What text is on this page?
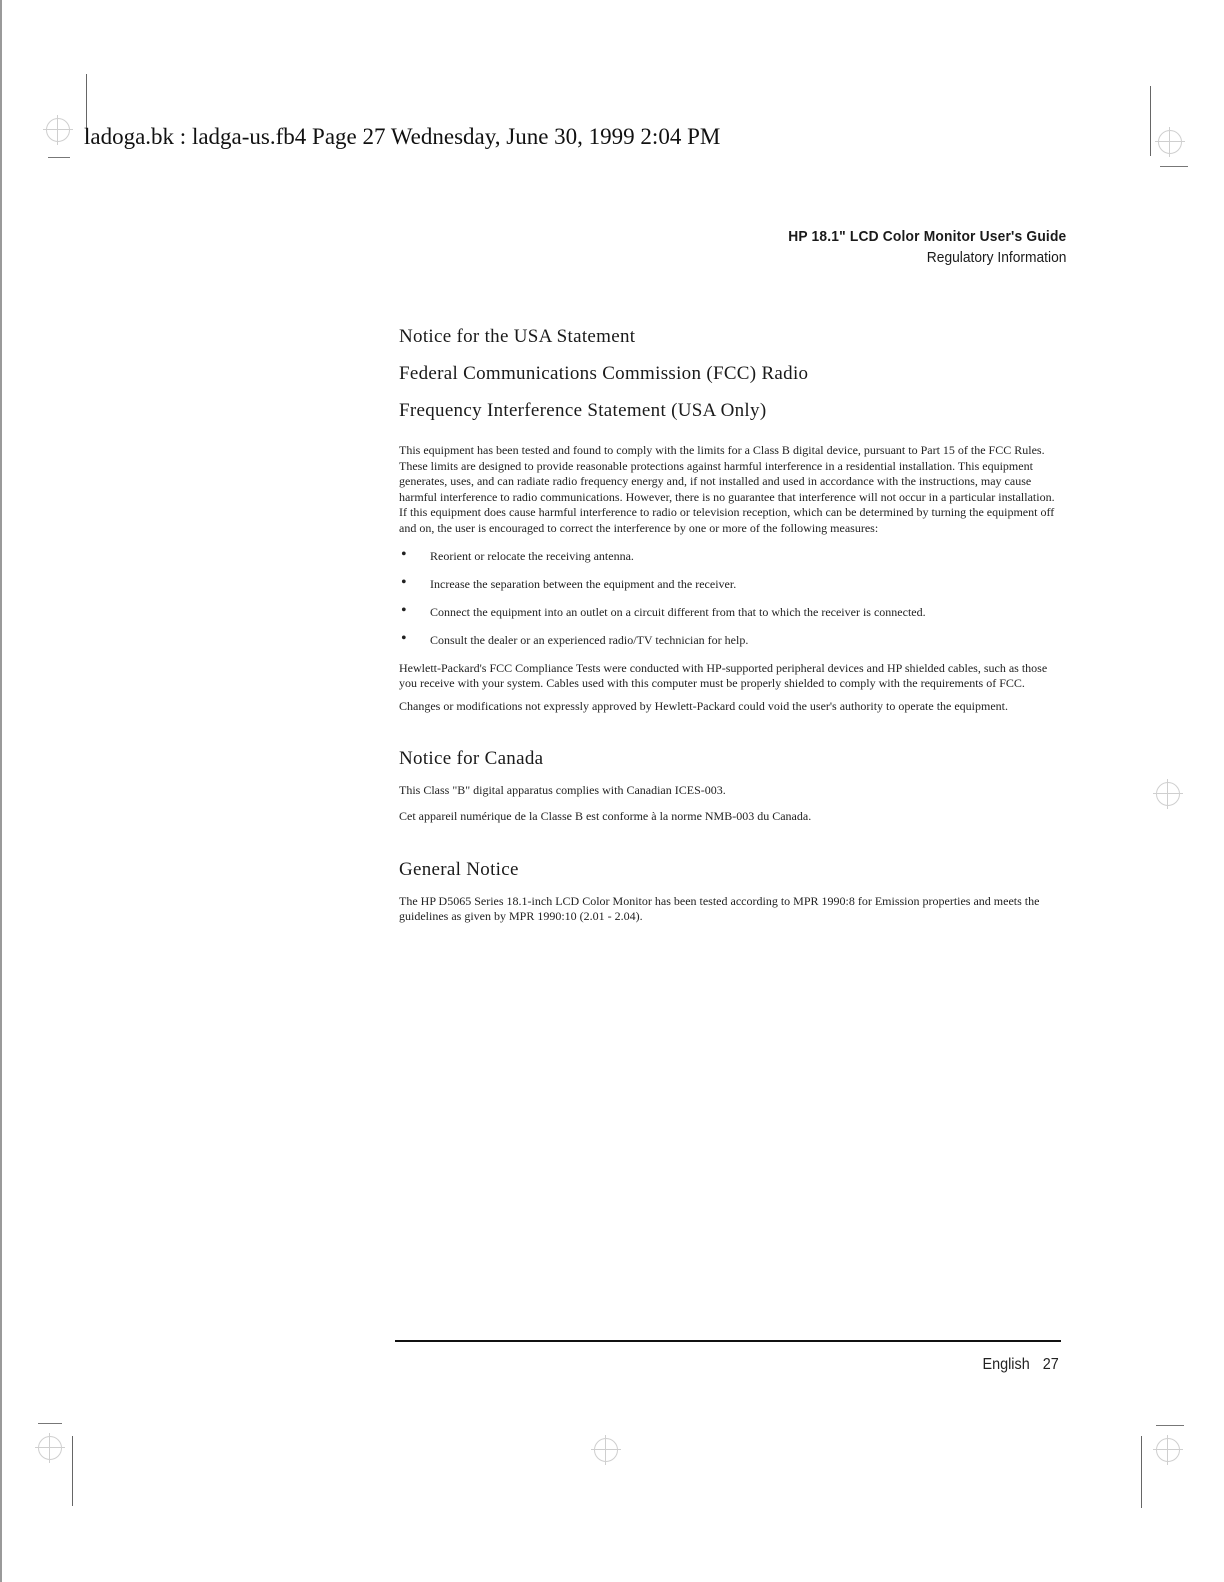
ladoga.bk : ladga-us.fb4 Page 27 Wednesday, June 30, 1999 2:04 PM
HP 18.1" LCD Color Monitor User's Guide
Regulatory Information
Notice for the USA Statement
Federal Communications Commission (FCC) Radio
Frequency Interference Statement (USA Only)

This equipment has been tested and found to comply with the limits for a Class B digital device, pursuant to Part 15 of the FCC Rules. These limits are designed to provide reasonable protections against harmful interference in a residential installation. This equipment generates, uses, and can radiate radio frequency energy and, if not installed and used in accordance with the instructions, may cause harmful interference to radio communications. However, there is no guarantee that interference will not occur in a particular installation. If this equipment does cause harmful interference to radio or television reception, which can be determined by turning the equipment off and on, the user is encouraged to correct the interference by one or more of the following measures:

• Reorient or relocate the receiving antenna.
• Increase the separation between the equipment and the receiver.
• Connect the equipment into an outlet on a circuit different from that to which the receiver is connected.
• Consult the dealer or an experienced radio/TV technician for help.

Hewlett-Packard's FCC Compliance Tests were conducted with HP-supported peripheral devices and HP shielded cables, such as those you receive with your system. Cables used with this computer must be properly shielded to comply with the requirements of FCC.

Changes or modifications not expressly approved by Hewlett-Packard could void the user's authority to operate the equipment.

Notice for Canada

This Class "B" digital apparatus complies with Canadian ICES-003.

Cet appareil numérique de la Classe B est conforme à la norme NMB-003 du Canada.

General Notice

The HP D5065 Series 18.1-inch LCD Color Monitor has been tested according to MPR 1990:8 for Emission properties and meets the guidelines as given by MPR 1990:10 (2.01 - 2.04).

English 27
